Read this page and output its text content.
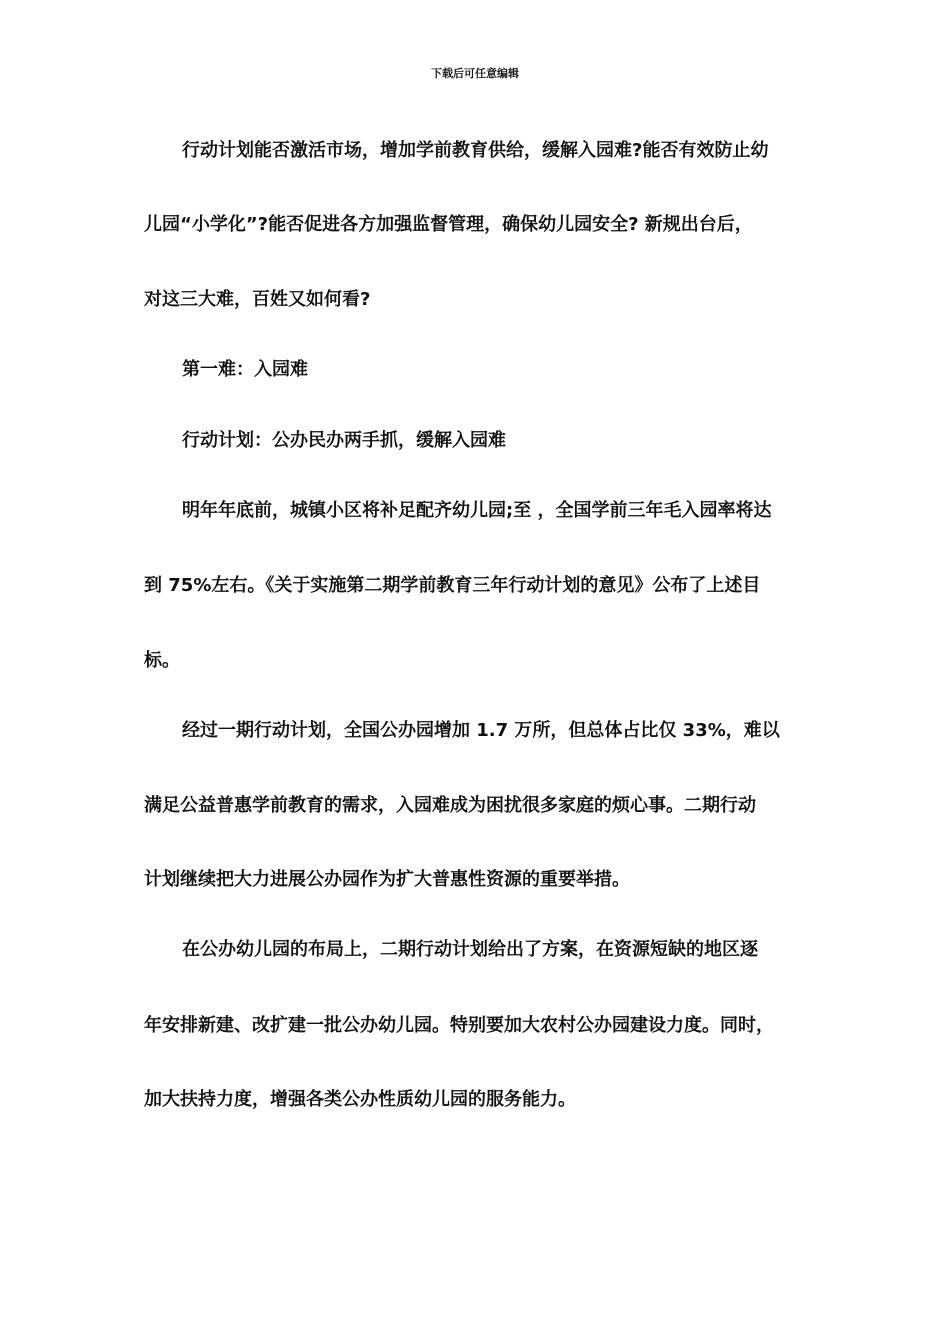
下载后可任意编辑
行动计划能否激活市场，增加学前教育供给，缓解入园难?能否有效防止幼
儿园“小学化”?能否促进各方加强监督管理，确保幼儿园安全? 新规出台后，
对这三大难，百姓又如何看?
第一难：入园难
行动计划：公办民办两手抓，缓解入园难
明年年底前，城镇小区将补足配齐幼儿园;至 ，全国学前三年毛入园率将达
到 75%左右。《关于实施第二期学前教育三年行动计划的意见》公布了上述目
标。
经过一期行动计划，全国公办园增加 1.7 万所，但总体占比仅 33%，难以
满足公益普惠学前教育的需求，入园难成为困扰很多家庭的烦心事。二期行动
计划继续把大力进展公办园作为扩大普惠性资源的重要举措。
在公办幼儿园的布局上，二期行动计划给出了方案，在资源短缺的地区逐
年安排新建、改扩建一批公办幼儿园。特别要加大农村公办园建设力度。同时，
加大扶持力度，增强各类公办性质幼儿园的服务能力。
